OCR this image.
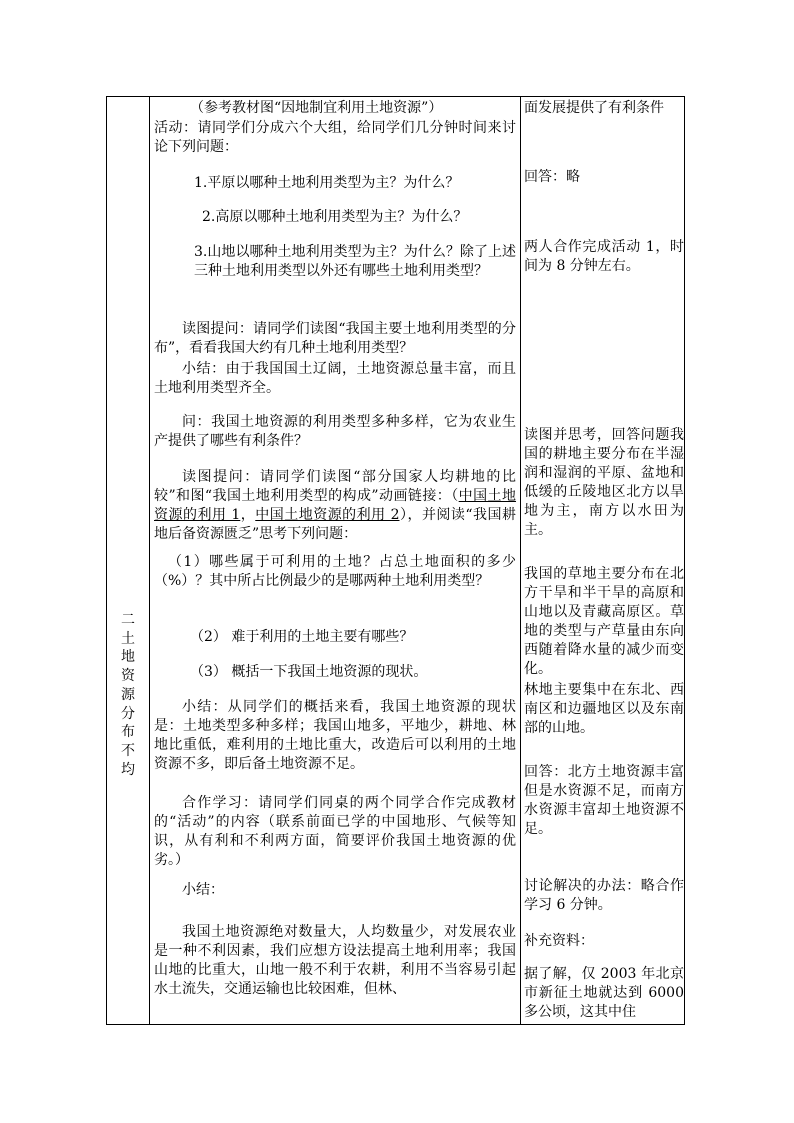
二
土
地
资
源
分
布
不
均
（参考教材图“因地制宜利用土地资源”）
活动：请同学们分成六个大组，给同学们几分钟时间来讨论下列问题：
1.平原以哪种土地利用类型为主？为什么？
2.高原以哪种土地利用类型为主？为什么？
3.山地以哪种土地利用类型为主？为什么？除了上述三种土地利用类型以外还有哪些土地利用类型？
读图提问：请同学们读图“我国主要土地利用类型的分布”，看看我国大约有几种土地利用类型？
小结：由于我国国土辽阔，土地资源总量丰富，而且土地利用类型齐全。
问：我国土地资源的利用类型多种多样，它为农业生产提供了哪些有利条件？
读图提问：请同学们读图“部分国家人均耕地的比较”和图“我国土地利用类型的构成”动画链接：（中国土地资源的利用 1，中国土地资源的利用 2），并阅读“我国耕地后备资源匮乏”思考下列问题：
（1）哪些属于可利用的土地？占总土地面积的多少（%）？其中所占比例最少的是哪两种土地利用类型？
（2） 难于利用的土地主要有哪些？
（3） 概括一下我国土地资源的现状。
小结：从同学们的概括来看，我国土地资源的现状是：土地类型多种多样；我国山地多，平地少，耕地、林地比重低，难利用的土地比重大，改造后可以利用的土地资源不多，即后备土地资源不足。
合作学习：请同学们同桌的两个同学合作完成教材的“活动”的内容（联系前面已学的中国地形、气候等知识，从有利和不利两方面，简要评价我国土地资源的优劣。）
小结：
我国土地资源绝对数量大，人均数量少，对发展农业是一种不利因素，我们应想方设法提高土地利用率；我国山地的比重大，山地一般不利于农耕，利用不当容易引起水土流失，交通运输也比较困难，但林、
面发展提供了有利条件
回答：略
两人合作完成活动 1，时间为 8 分钟左右。
读图并思考，回答问题我国的耕地主要分布在半湿润和湿润的平原、盆地和低缓的丘陵地区北方以旱地为主，南方以水田为主。
我国的草地主要分布在北方干旱和半干旱的高原和山地以及青藏高原区。草地的类型与产草量由东向西随着降水量的减少而变化。
林地主要集中在东北、西南区和边疆地区以及东南部的山地。
回答：北方土地资源丰富但是水资源不足，而南方水资源丰富却土地资源不足。
讨论解决的办法：略合作学习 6 分钟。
补充资料：
据了解，仅 2003 年北京市新征土地就达到 6000 多公顷，这其中住
